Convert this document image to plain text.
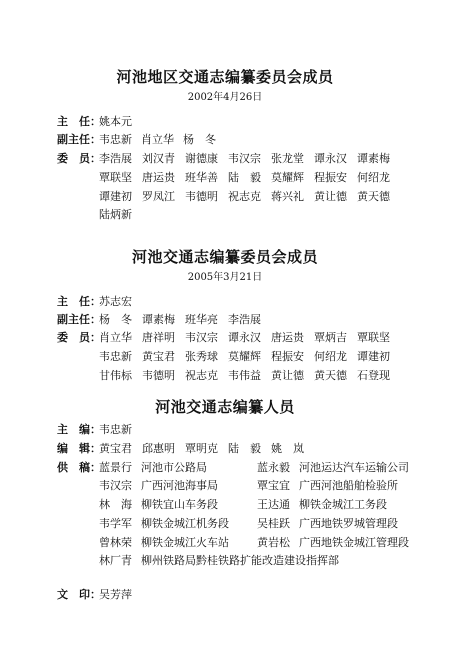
河池地区交通志编纂委员会成员
2002年4月26日
主　任：
姚本元
副主任：
韦忠新 肖立华 杨　冬
委　员：
李浩展 刘汉青 谢德康 韦汉宗 张龙堂 谭永汉 谭素梅
覃联坚 唐运贵 班华善 陆　毅 莫耀辉 程振安 何绍龙
谭建初 罗凤江 韦德明 祝志克 蒋兴礼 黄让德 黄天德
陆炳新
河池交通志编纂委员会成员
2005年3月21日
主　任：
苏志宏
副主任：
杨　冬 谭素梅 班华亮 李浩展
委　员：
肖立华 唐祥明 韦汉宗 谭永汉 唐运贵 覃炳吉 覃联坚
韦忠新 黄宝君 张秀球 莫耀辉 程振安 何绍龙 谭建初
甘伟标 韦德明 祝志克 韦伟益 黄让德 黄天德 石登现
河池交通志编纂人员
主　编：
韦忠新
编　辑：
黄宝君 邱惠明 覃明克 陆　毅 姚　岚
供　稿：
蓝景行 河池市公路局	蓝永毅 河池运达汽车运输公司
韦汉宗 广西河池海事局	覃宝宜 广西河池船舶检验所
林　海 柳铁宜山车务段	王达通 柳铁金城江工务段
韦学军 柳铁金城江机务段	吴桂跃 广西地铁罗城管理段
曾林荣 柳铁金城江火车站	黄岩松 广西地铁金城江管理段
林厂青 柳州铁路局黔桂铁路扩能改造建设指挥部
文　印：
吴芳萍
